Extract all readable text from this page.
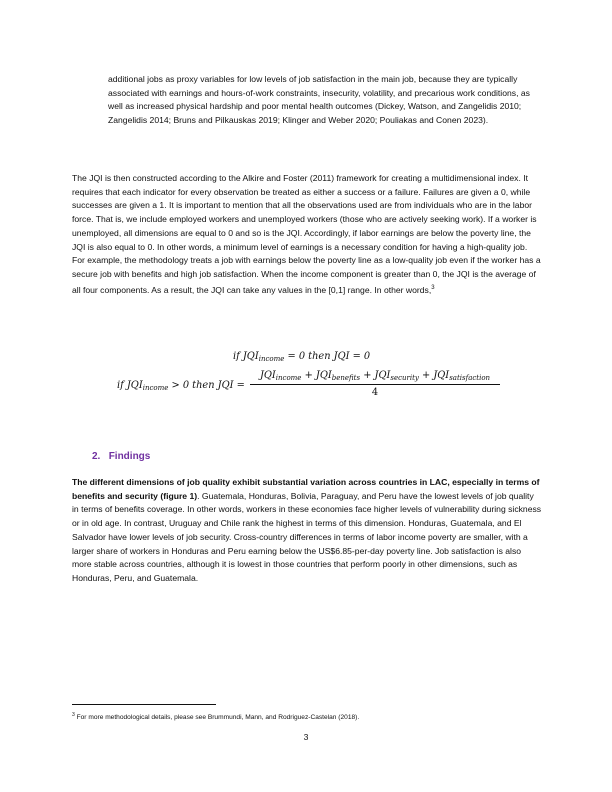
additional jobs as proxy variables for low levels of job satisfaction in the main job, because they are typically associated with earnings and hours-of-work constraints, insecurity, volatility, and precarious work conditions, as well as increased physical hardship and poor mental health outcomes (Dickey, Watson, and Zangelidis 2010; Zangelidis 2014; Bruns and Pilkauskas 2019; Klinger and Weber 2020; Pouliakas and Conen 2023).

The JQI is then constructed according to the Alkire and Foster (2011) framework for creating a multidimensional index. It requires that each indicator for every observation be treated as either a success or a failure. Failures are given a 0, while successes are given a 1. It is important to mention that all the observations used are from individuals who are in the labor force. That is, we include employed workers and unemployed workers (those who are actively seeking work). If a worker is unemployed, all dimensions are equal to 0 and so is the JQI. Accordingly, if labor earnings are below the poverty line, the JQI is also equal to 0. In other words, a minimum level of earnings is a necessary condition for having a high-quality job. For example, the methodology treats a job with earnings below the poverty line as a low-quality job even if the worker has a secure job with benefits and high job satisfaction. When the income component is greater than 0, the JQI is the average of all four components. As a result, the JQI can take any values in the [0,1] range. In other words,$^3$

if $JQI_{income} = 0$ then JQI = 0
if $JQI_{income} > 0$ then JQI =
$JQI_{income} + JQI_{benefits} + JQI_{security} + JQI_{satisfaction}$
4
2. Findings

The different dimensions of job quality exhibit substantial variation across countries in LAC, especially in terms of benefits and security (figure 1). Guatemala, Honduras, Bolivia, Paraguay, and Peru have the lowest levels of job quality in terms of benefits coverage. In other words, workers in these economies face higher levels of vulnerability during sickness or in old age. In contrast, Uruguay and Chile rank the highest in terms of this dimension. Honduras, Guatemala, and El Salvador have lower levels of job security. Cross-country differences in terms of labor income poverty are smaller, with a larger share of workers in Honduras and Peru earning below the US$6.85-per-day poverty line. Job satisfaction is also more stable across countries, although it is lowest in those countries that perform poorly in other dimensions, such as Honduras, Peru, and Guatemala.

$^3$ For more methodological details, please see Brummundi, Mann, and Rodriguez-Castelan (2018).

3
